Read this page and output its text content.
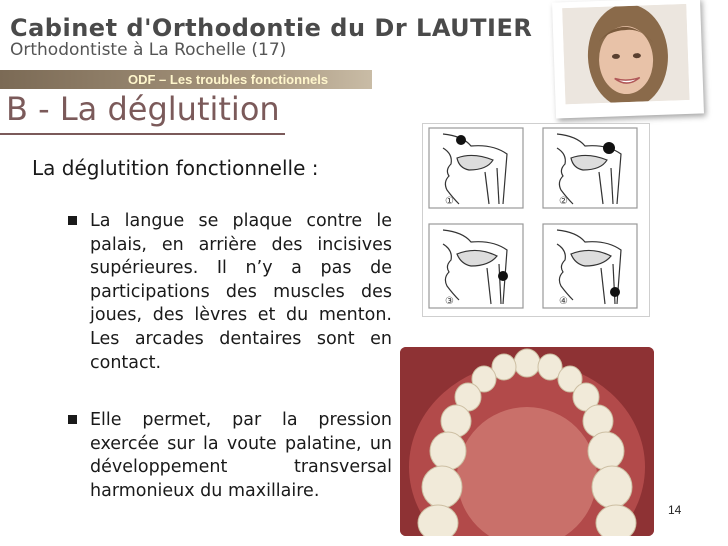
Cabinet d'Orthodontie du Dr LAUTIER
Orthodontiste à La Rochelle (17)
ODF – Les troubles fonctionnels
B - La déglutition
La déglutition fonctionnelle :
La langue se plaque contre le palais, en arrière des incisives supérieures. Il n’y a pas de participations des muscles des joues, des lèvres et du menton. Les arcades dentaires sont en contact.
Elle permet, par la pression exercée sur la voute palatine, un développement transversal harmonieux du maxillaire.
①	②
③	④
14
